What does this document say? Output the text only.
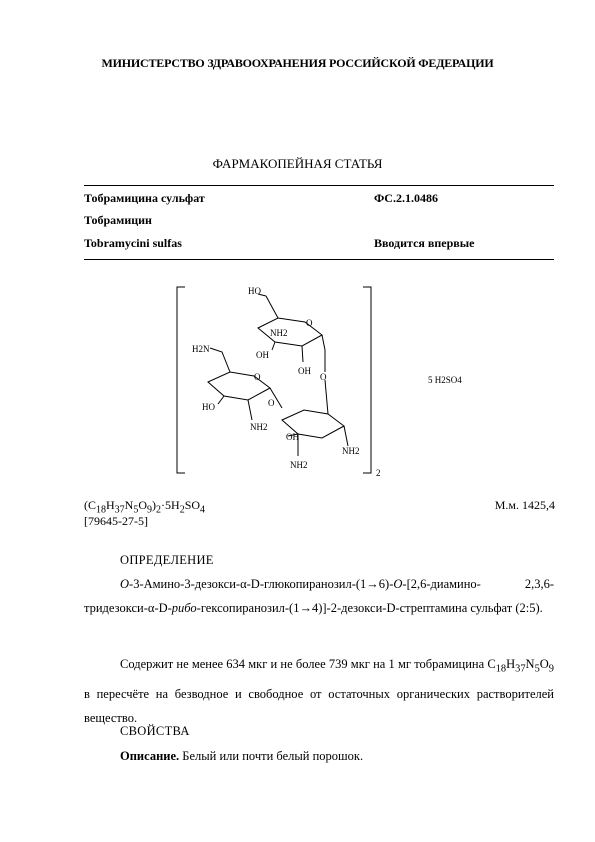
МИНИСТЕРСТВО ЗДРАВООХРАНЕНИЯ РОССИЙСКОЙ ФЕДЕРАЦИИ
ФАРМАКОПЕЙНАЯ СТАТЬЯ
Тобрамицина сульфат	ФС.2.1.0486
Тобрамицин
Tobramycini sulfas	Вводится впервые
HO
NH2
OH
OH
H2N
O
O
O
O
HO
NH2
OH
NH2
NH2
2
5 H2SO4
$(C_{18}H_{37}N_5O_9)_2\cdot 5H_2SO_4$	М.м. 1425,4
[79645-27-5]
ОПРЕДЕЛЕНИЕ
O-3-Амино-3-дезокси-α-D-глюкопиранозил-(1→6)-O-[2,6-диамино-	2,3,6-тридезокси-α-D-рибо-гексопиранозил-(1→4)]-2-дезокси-D-стрептамина сульфат (2:5).
Содержит не менее 634 мкг и не более 739 мкг на 1 мг тобрамицина $C_{18}H_{37}N_5O_9$ в пересчёте на безводное и свободное от остаточных органических растворителей вещество.
СВОЙСТВА
Описание. Белый или почти белый порошок.
